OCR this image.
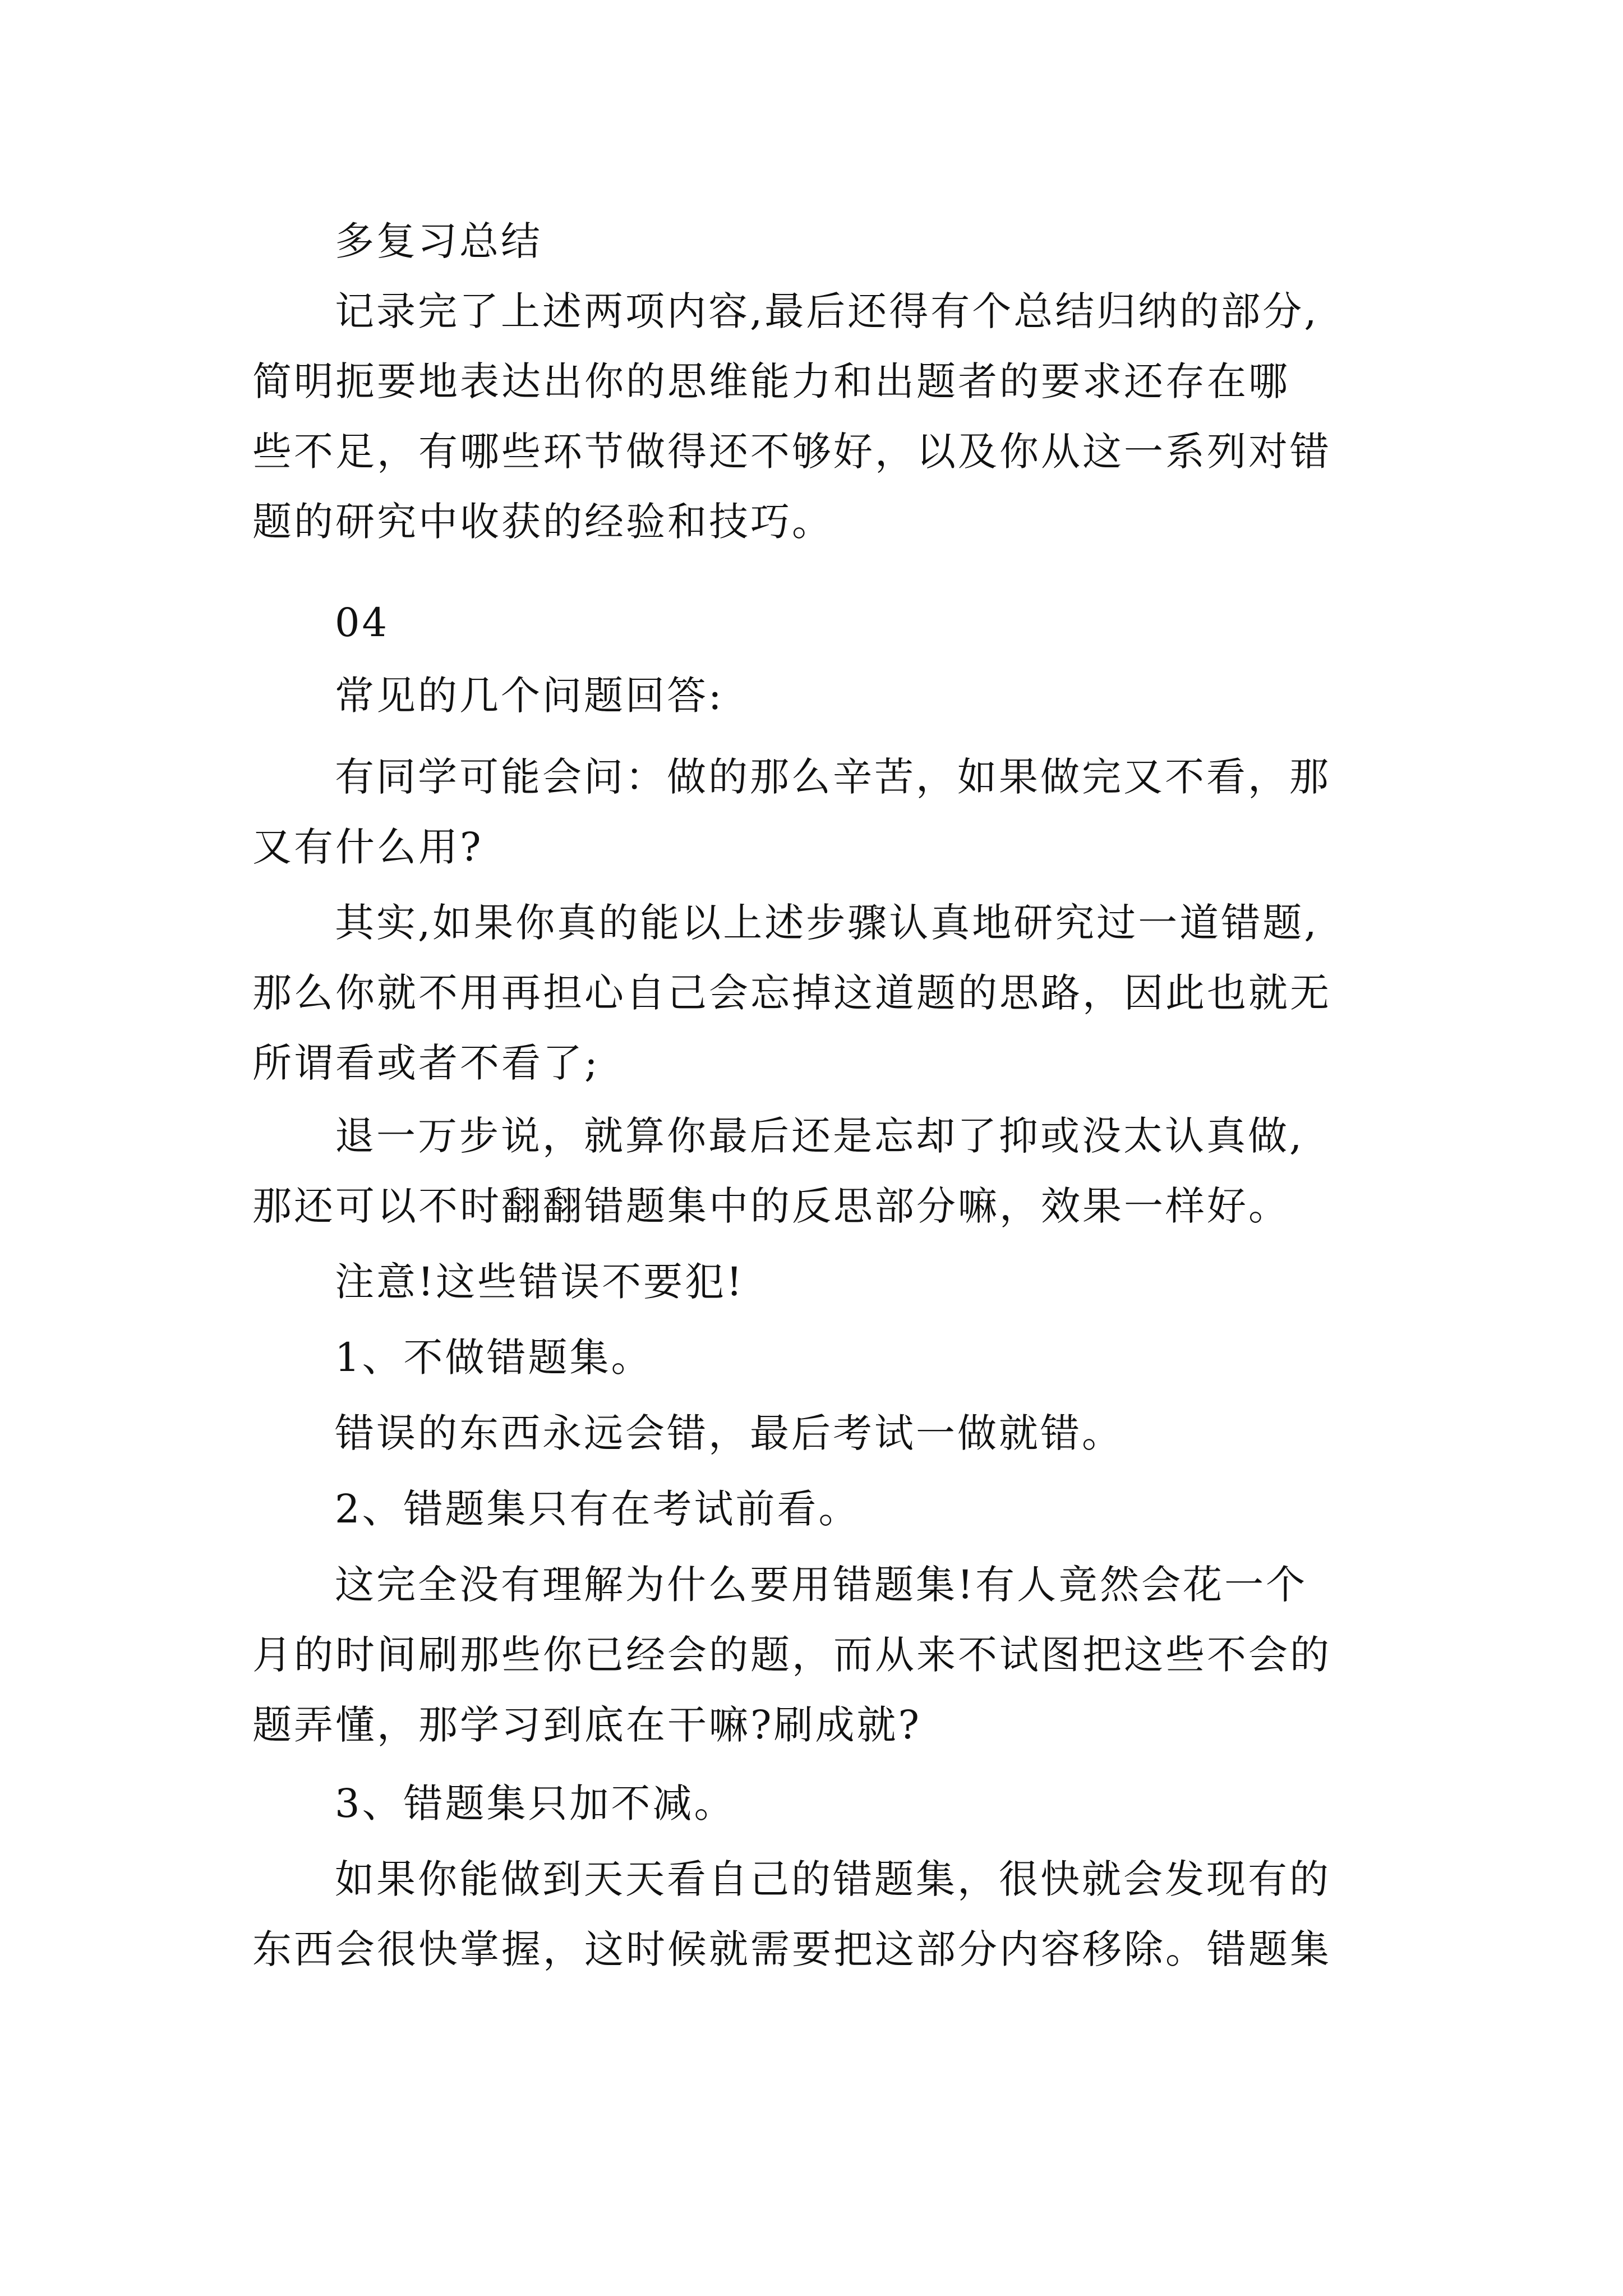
多复习总结
记录完了上述两项内容,最后还得有个总结归纳的部分,
简明扼要地表达出你的思维能力和出题者的要求还存在哪
些不足，有哪些环节做得还不够好，以及你从这一系列对错
题的研究中收获的经验和技巧。
04
常见的几个问题回答:
有同学可能会问：做的那么辛苦，如果做完又不看，那
又有什么用?
其实,如果你真的能以上述步骤认真地研究过一道错题,
那么你就不用再担心自己会忘掉这道题的思路，因此也就无
所谓看或者不看了;
退一万步说，就算你最后还是忘却了抑或没太认真做,
那还可以不时翻翻错题集中的反思部分嘛，效果一样好。
注意!这些错误不要犯!
1、不做错题集。
错误的东西永远会错，最后考试一做就错。
2、错题集只有在考试前看。
这完全没有理解为什么要用错题集!有人竟然会花一个
月的时间刷那些你已经会的题，而从来不试图把这些不会的
题弄懂，那学习到底在干嘛?刷成就?
3、错题集只加不减。
如果你能做到天天看自己的错题集，很快就会发现有的
东西会很快掌握，这时候就需要把这部分内容移除。错题集
